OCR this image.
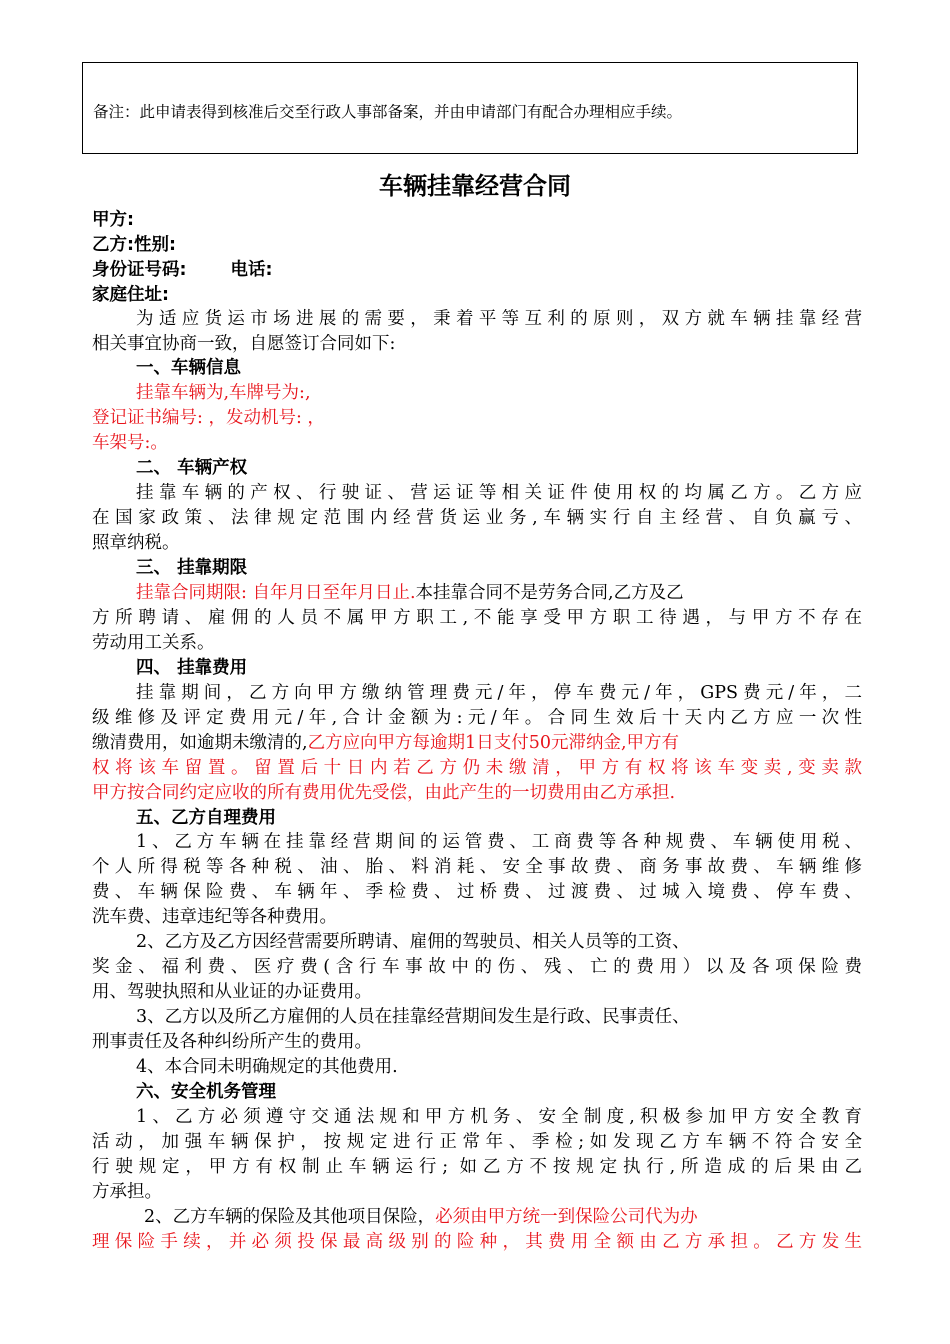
备注：此申请表得到核准后交至行政人事部备案，并由申请部门有配合办理相应手续。
车辆挂靠经营合同
甲方:
乙方:性别:
身份证号码:	电话:
家庭住址:
为适应货运市场进展的需要，秉着平等互利的原则，双方就车辆挂靠经营
相关事宜协商一致，自愿签订合同如下:
一、车辆信息
挂靠车辆为,车牌号为:,
登记证书编号: ，发动机号: ，
车架号:。
二、 车辆产权
挂靠车辆的产权、行驶证、营运证等相关证件使用权的均属乙方。乙方应
在国家政策、法律规定范围内经营货运业务,车辆实行自主经营、自负赢亏、
照章纳税。
三、 挂靠期限
挂靠合同期限: 自年月日至年月日止.本挂靠合同不是劳务合同,乙方及乙
方所聘请、雇佣的人员不属甲方职工,不能享受甲方职工待遇，与甲方不存在
劳动用工关系。
四、 挂靠费用
挂靠期间，乙方向甲方缴纳管理费元/年，停车费元/年，GPS费元/年，二
级维修及评定费用元/年,合计金额为:元/年。合同生效后十天内乙方应一次性
缴清费用，如逾期未缴清的,乙方应向甲方每逾期1日支付50元滞纳金,甲方有
权将该车留置。留置后十日内若乙方仍未缴清，甲方有权将该车变卖,变卖款
甲方按合同约定应收的所有费用优先受偿，由此产生的一切费用由乙方承担.
五、乙方自理费用
1、乙方车辆在挂靠经营期间的运管费、工商费等各种规费、车辆使用税、
个人所得税等各种税、油、胎、料消耗、安全事故费、商务事故费、车辆维修
费、车辆保险费、车辆年、季检费、过桥费、过渡费、过城入境费、停车费、
洗车费、违章违纪等各种费用。
2、乙方及乙方因经营需要所聘请、雇佣的驾驶员、相关人员等的工资、
奖金、福利费、医疗费(含行车事故中的伤、残、亡的费用）以及各项保险费
用、驾驶执照和从业证的办证费用。
3、乙方以及所乙方雇佣的人员在挂靠经营期间发生是行政、民事责任、
刑事责任及各种纠纷所产生的费用。
4、本合同未明确规定的其他费用.
六、安全机务管理
1、乙方必须遵守交通法规和甲方机务、安全制度,积极参加甲方安全教育
活动，加强车辆保护，按规定进行正常年、季检;如发现乙方车辆不符合安全
行驶规定，甲方有权制止车辆运行; 如乙方不按规定执行,所造成的后果由乙
方承担。
2、乙方车辆的保险及其他项目保险，必须由甲方统一到保险公司代为办
理保险手续，并必须投保最高级别的险种，其费用全额由乙方承担。乙方发生
